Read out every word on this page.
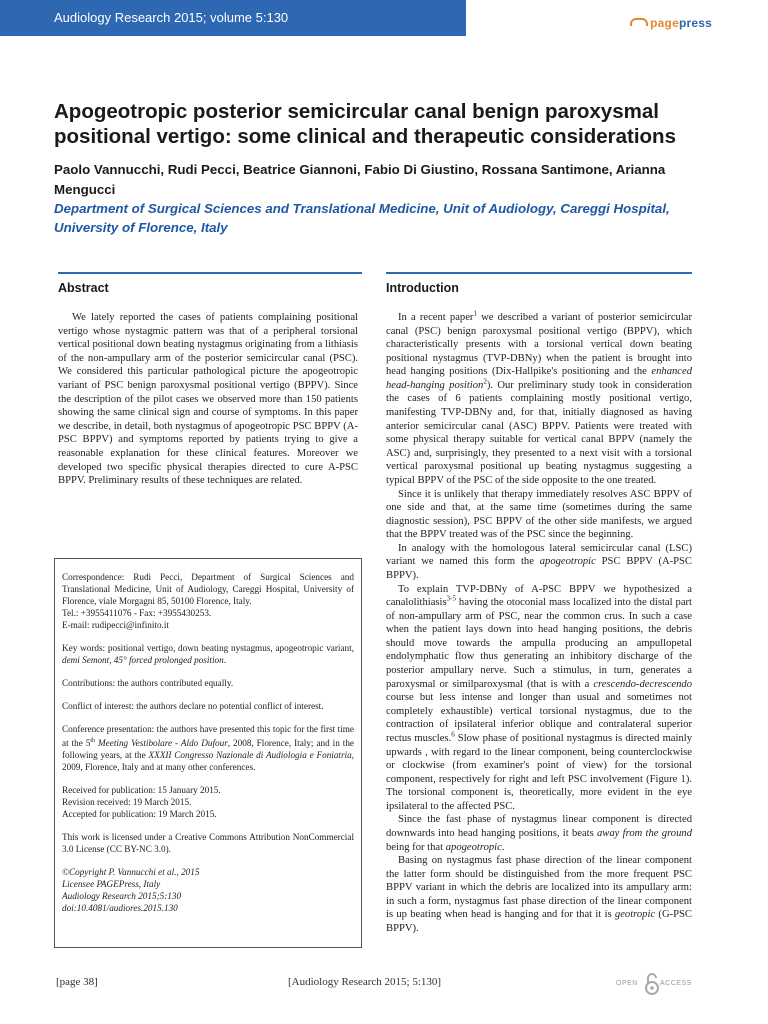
Audiology Research 2015; volume 5:130	pagepress
Apogeotropic posterior semicircular canal benign paroxysmal positional vertigo: some clinical and therapeutic considerations
Paolo Vannucchi, Rudi Pecci, Beatrice Giannoni, Fabio Di Giustino, Rossana Santimone, Arianna Mengucci
Department of Surgical Sciences and Translational Medicine, Unit of Audiology, Careggi Hospital, University of Florence, Italy
Abstract

We lately reported the cases of patients complaining positional vertigo whose nystagmic pattern was that of a peripheral torsional vertical positional down beating nystagmus originating from a lithiasis of the non-ampullary arm of the posterior semicircular canal (PSC). We considered this particular pathological picture the apogeotropic variant of PSC benign paroxysmal positional vertigo (BPPV). Since the description of the pilot cases we observed more than 150 patients showing the same clinical sign and course of symptoms. In this paper we describe, in detail, both nystagmus of apogeotropic PSC BPPV (A-PSC BPPV) and symptoms reported by patients trying to give a reasonable explanation for these clinical features. Moreover we developed two specific physical therapies directed to cure A-PSC BPPV. Preliminary results of these techniques are related.

Introduction

In a recent paper$^1$ we described a variant of posterior semicircular canal (PSC) benign paroxysmal positional vertigo (BPPV), which characteristically presents with a torsional vertical down beating positional nystagmus (TVP-DBNy) when the patient is brought into head hanging positions (Dix-Hallpike's positioning and the enhanced head-hanging position$^2$). Our preliminary study took in consideration the cases of 6 patients complaining mostly positional vertigo, manifesting TVP-DBNy and, for that, initially diagnosed as having anterior semicircular canal (ASC) BPPV. Patients were treated with some physical therapy suitable for vertical canal BPPV (namely the ASC) and, surprisingly, they presented to a next visit with a torsional vertical paroxysmal positional up beating nystagmus suggesting a typical BPPV of the PSC of the side opposite to the one treated.

Since it is unlikely that therapy immediately resolves ASC BPPV of one side and that, at the same time (sometimes during the same diagnostic session), PSC BPPV of the other side manifests, we argued that the BPPV treated was of the PSC since the beginning.

In analogy with the homologous lateral semicircular canal (LSC) variant we named this form the apogeotropic PSC BPPV (A-PSC BPPV).

To explain TVP-DBNy of A-PSC BPPV we hypothesized a canalolithiasis$^{3-5}$ having the otoconial mass localized into the distal part of non-ampullary arm of PSC, near the common crus. In such a case when the patient lays down into head hanging positions, the debris should move towards the ampulla producing an ampullopetal endolymphatic flow thus generating an inhibitory discharge of the posterior ampullary nerve. Such a stimulus, in turn, generates a paroxysmal or similparoxysmal (that is with a crescendo-decrescendo course but less intense and longer than usual and sometimes not completely exhaustible) vertical torsional nystagmus, due to the contraction of ipsilateral inferior oblique and contralateral superior rectus muscles.$^6$ Slow phase of positional nystagmus is directed mainly upwards , with regard to the linear component, being counterclockwise or clockwise (from examiner's point of view) for the torsional component, respectively for right and left PSC involvement (Figure 1). The torsional component is, theoretically, more evident in the eye ipsilateral to the affected PSC.

Since the fast phase of nystagmus linear component is directed downwards into head hanging positions, it beats away from the ground being for that apogeotropic.

Basing on nystagmus fast phase direction of the linear component the latter form should be distinguished from the more frequent PSC BPPV variant in which the debris are localized into its ampullary arm: in such a form, nystagmus fast phase direction of the linear component is up beating when head is hanging and for that it is geotropic (G-PSC BPPV).

Correspondence: Rudi Pecci, Department of Surgical Sciences and Translational Medicine, Unit of Audiology, Careggi Hospital, University of Florence, viale Morgagni 85, 50100 Florence, Italy.
Tel.: +3955411076 - Fax: +3955430253.
E-mail: rudipecci@infinito.it

Key words: positional vertigo, down beating nystagmus, apogeotropic variant, demi Semont, 45° forced prolonged position.

Contributions: the authors contributed equally.

Conflict of interest: the authors declare no potential conflict of interest.

Conference presentation: the authors have presented this topic for the first time at the 5th Meeting Vestibolare - Aldo Dufour, 2008, Florence, Italy; and in the following years, at the XXXII Congresso Nazionale di Audiologia e Foniatria, 2009, Florence, Italy and at many other conferences.

Received for publication: 15 January 2015.
Revision received: 19 March 2015.
Accepted for publication: 19 March 2015.

This work is licensed under a Creative Commons Attribution NonCommercial 3.0 License (CC BY-NC 3.0).

©Copyright P. Vannucchi et al., 2015
Licensee PAGEPress, Italy
Audiology Research 2015;5:130
doi:10.4081/audiores.2015.130

[page 38]	[Audiology Research 2015; 5:130]	OPEN	ACCESS
